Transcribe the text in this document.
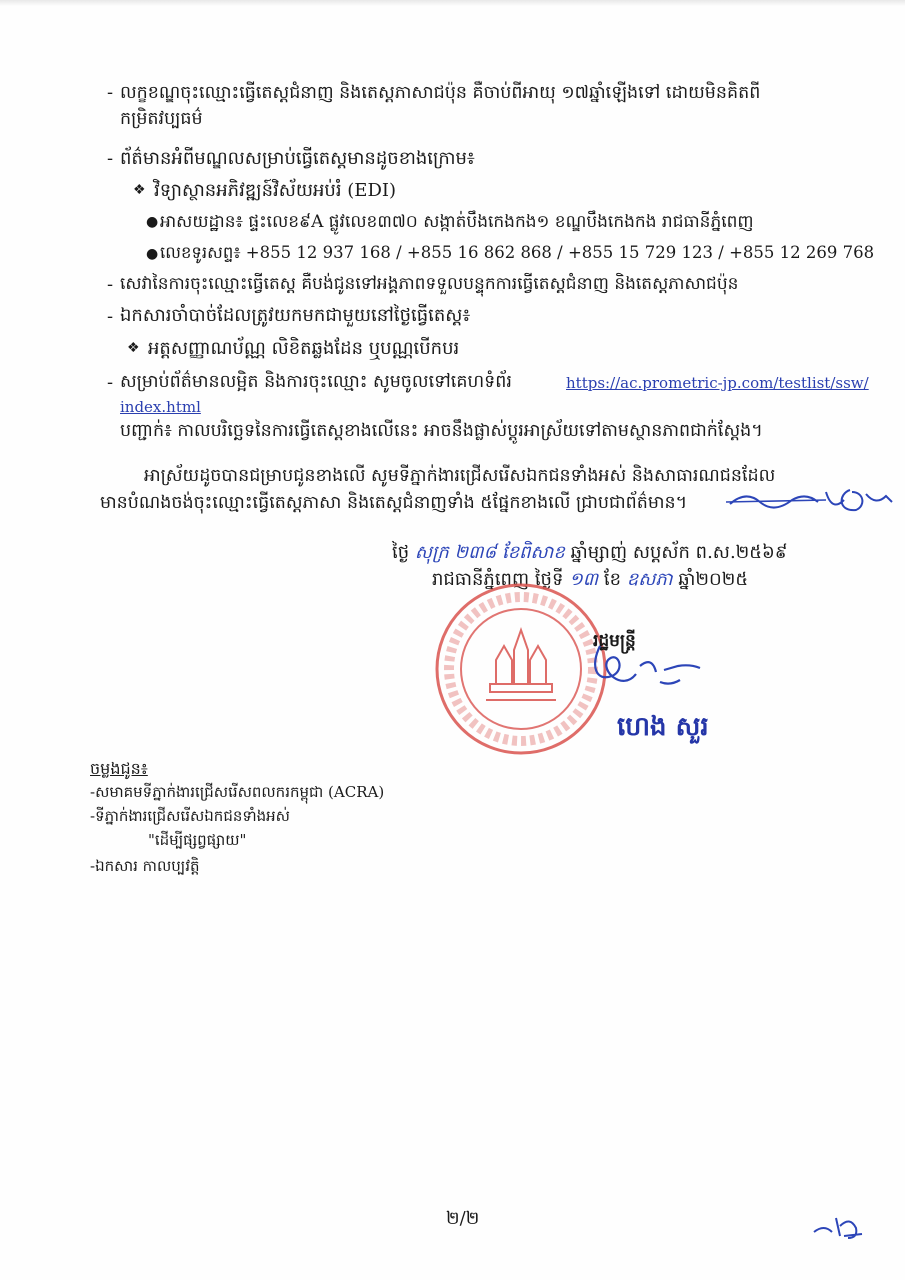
- លក្ខខណ្ឌចុះឈ្មោះធ្វើតេស្តជំនាញ និងតេស្តភាសាជប៉ុន គឺចាប់ពីអាយុ ១៧ឆ្នាំឡើងទៅ ដោយមិនគិតពី
កម្រិតវប្បធម៌
- ព័ត៌មានអំពីមណ្ឌលសម្រាប់ធ្វើតេស្តមានដូចខាងក្រោម៖
❖ វិទ្យាស្ថានអភិវឌ្ឍន៍វិស័យអប់រំ (EDI)
● អាសយដ្ឋាន៖ ផ្ទះលេខ៩A ផ្លូវលេខ៣៧០ សង្កាត់បឹងកេងកង១ ខណ្ឌបឹងកេងកង រាជធានីភ្នំពេញ
● លេខទូរសព្ទ៖ +855 12 937 168 / +855 16 862 868 / +855 15 729 123 / +855 12 269 768
- សេវានៃការចុះឈ្មោះធ្វើតេស្ត គឺបង់ជូនទៅអង្គភាពទទួលបន្ទុកការធ្វើតេស្តជំនាញ និងតេស្តភាសាជប៉ុន
- ឯកសារចាំបាច់ដែលត្រូវយកមកជាមួយនៅថ្ងៃធ្វើតេស្ត៖
❖ អត្តសញ្ញាណប័ណ្ណ លិខិតឆ្លងដែន ឬបណ្ណបើកបរ
- សម្រាប់ព័ត៌មានលម្អិត និងការចុះឈ្មោះ សូមចូលទៅគេហទំព័រ	https://ac.prometric-jp.com/testlist/ssw/
index.html
បញ្ជាក់៖ កាលបរិច្ឆេទនៃការធ្វើតេស្តខាងលើនេះ អាចនឹងផ្លាស់ប្តូរអាស្រ័យទៅតាមស្ថានភាពជាក់ស្តែង។
អាស្រ័យដូចបានជម្រាបជូនខាងលើ សូមទីភ្នាក់ងារជ្រើសរើសឯកជនទាំងអស់ និងសាធារណជនដែល
មានបំណងចង់ចុះឈ្មោះធ្វើតេស្តភាសា និងតេស្តជំនាញទាំង ៥ផ្នែកខាងលើ ជ្រាបជាព័ត៌មាន។
ថ្ងៃ សុក្រ ២៣៨ ខែពិសាខ ឆ្នាំម្សាញ់ សប្តស័ក ព.ស.២៥៦៩
រាជធានីភ្នំពេញ ថ្ងៃទី ១៣ ខែ ឧសភា ឆ្នាំ២០២៥
រដ្ឋមន្ត្រី
ហេង សួរ
ចម្លងជូន៖
-សមាគមទីភ្នាក់ងារជ្រើសរើសពលករកម្ពុជា (ACRA)
-ទីភ្នាក់ងារជ្រើសរើសឯកជនទាំងអស់
"ដើម្បីផ្សព្វផ្សាយ"
-ឯកសារ កាលប្បវត្តិ
២/២
